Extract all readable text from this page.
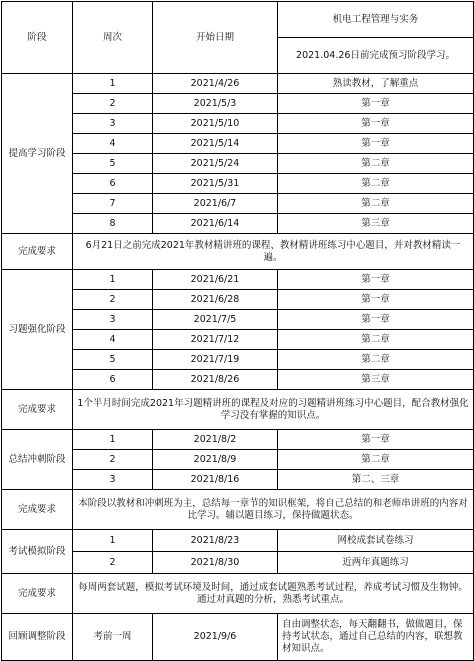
阶段	周次	开始日期	机电工程管理与实务
			2021.04.26日前完成预习阶段学习。
提高学习阶段	1	2021/4/26	熟读教材，了解重点
	2	2021/5/3	第一章
	3	2021/5/10	第一章
	4	2021/5/14	第一章
	5	2021/5/24	第二章
	6	2021/5/31	第二章
	7	2021/6/7	第二章
	8	2021/6/14	第三章
完成要求	6月21日之前完成2021年教材精讲班的课程、教材精讲班练习中心题目，并对教材精读一遍。		
习题强化阶段	1	2021/6/21	第一章
	2	2021/6/28	第一章
	3	2021/7/5	第一章
	4	2021/7/12	第二章
	5	2021/7/19	第二章
	6	2021/8/26	第三章
完成要求	1个半月时间完成2021年习题精讲班的课程及对应的习题精讲班练习中心题目，配合教材强化学习没有掌握的知识点。		
总结冲刺阶段	1	2021/8/2	第一章
	2	2021/8/9	第二章
	3	2021/8/16	第二、三章
完成要求	本阶段以教材和冲刺班为主，总结每一章节的知识框架，将自己总结的和老师串讲班的内容对比学习。辅以题目练习，保持做题状态。		
考试模拟阶段	1	2021/8/23	网校成套试卷练习
	2	2021/8/30	近两年真题练习
完成要求	每周两套试题，模拟考试环境及时间，通过成套试题熟悉考试过程，养成考试习惯及生物钟。通过对真题的分析，熟悉考试重点。		
回顾调整阶段	考前一周	2021/9/6	自由调整状态，每天翻翻书，做做题目，保持考试状态，通过自己总结的内容，联想教材知识点。
